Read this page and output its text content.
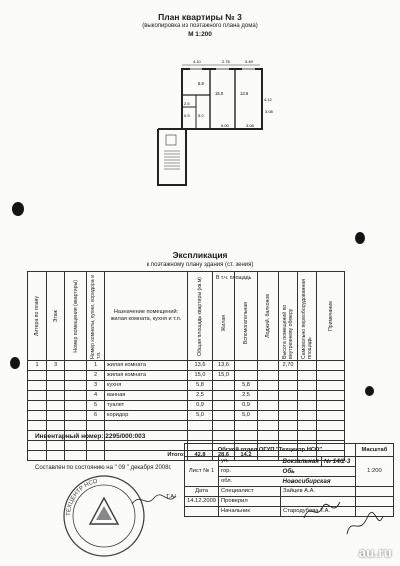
План квартиры № 3
(выкопировка из поэтажного плана дома)
М 1:200
4.10	2.78	3.49
5.8
15.0	13.6
2.5
0.9 5.0
4.12
5.00	3.08
3.08
Экспликация
к поэтажному плану здания (ст. зения)
Литера по плану	Этаж	Номер помещения (квартиры)	Номер комнаты, кухни, коридора и т.п.	Назначение помещений: жилая комната, кухня и т.п.	Общая площадь квартиры (кв.м)	Жилая
В т.ч. площадь	Вспомогательная	Лоджий, балконов	Высота помещений по внутреннему обмеру	Самовольно переоборудованная площадь	Примечание

1	3		1	жилая комната	13,6	13,6			2,70		
			2	жилая комната	15,0	15,0					
			3	кухня	5,8		5,8				
			4	ванная	2,5		2,5				
			5	туалет	0,9		0,9				
			6	коридор	5,0		5,0				

				Итого:	42,8	28,6	14,2				
Инвентарный номер: 2295/000:003
Составлен по состоянию на " 09 " декабря 2008г.
Обской отдел ОГУП "Техцентр НСО"				Масштаб
Лист № 1	ул.	Вокзальная	№ 14/2-3	1:200
	гор.	Обь		
	обл.	Новосибирская		
Дата	Специалист	Зайцев А.А.		
14.12.2009	Проверил			
	Начальник	Стародубова Т.А.		
ТЕХЦЕНТР НСО
Т.А/
au.ru
